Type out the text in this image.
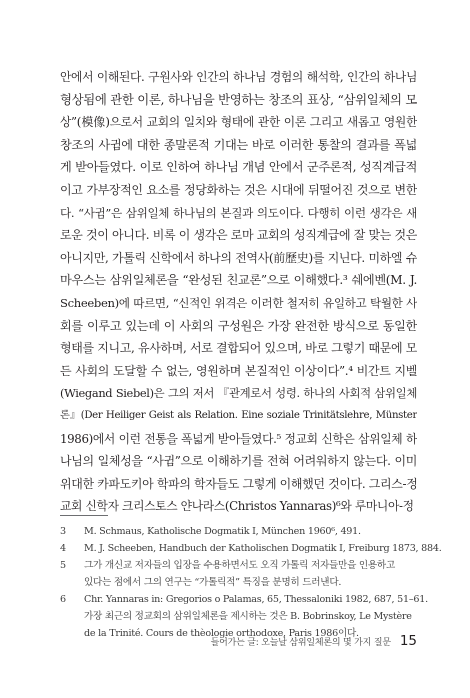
안에서 이해된다. 구원사와 인간의 하나님 경험의 해석학, 인간의 하나님
형상됨에 관한 이론, 하나님을 반영하는 창조의 표상, “삼위일체의 모
상”(模像)으로서 교회의 일치와 형태에 관한 이론 그리고 새롭고 영원한
창조의 사귐에 대한 종말론적 기대는 바로 이러한 통찰의 결과를 폭넓
게 받아들였다. 이로 인하여 하나님 개념 안에서 군주론적, 성직계급적
이고 가부장적인 요소를 정당화하는 것은 시대에 뒤떨어진 것으로 변한
다. “사귐”은 삼위일체 하나님의 본질과 의도이다. 다행히 이런 생각은 새
로운 것이 아니다. 비록 이 생각은 로마 교회의 성직계급에 잘 맞는 것은
아니지만, 가톨릭 신학에서 하나의 전역사(前歷史)를 지닌다. 미하엘 슈
마우스는 삼위일체론을 “완성된 친교론”으로 이해했다.³ 쉐에벤(M. J.
Scheeben)에 따르면, “신적인 위격은 이러한 철저히 유일하고 탁월한 사
회를 이루고 있는데 이 사회의 구성원은 가장 완전한 방식으로 동일한
형태를 지니고, 유사하며, 서로 결합되어 있으며, 바로 그렇기 때문에 모
든 사회의 도달할 수 없는, 영원하며 본질적인 이상이다”.⁴ 비간트 지벨
(Wiegand Siebel)은 그의 저서 『관계로서 성령. 하나의 사회적 삼위일체
론』(Der Heiliger Geist als Relation. Eine soziale Trinitätslehre, Münster
1986)에서 이런 전통을 폭넓게 받아들였다.⁵ 정교회 신학은 삼위일체 하
나님의 일체성을 “사귐”으로 이해하기를 전혀 어려워하지 않는다. 이미
위대한 카파도키아 학파의 학자들도 그렇게 이해했던 것이다. 그리스-정
교회 신학자 크리스토스 얀나라스(Christos Yannaras)⁶와 루마니아-정
3	M. Schmaus, Katholische Dogmatik Ⅰ, München 1960⁶, 491.
4	M. J. Scheeben, Handbuch der Katholischen Dogmatik Ⅰ, Freiburg 1873, 884.
5	그가 개신교 저자들의 입장을 수용하면서도 오직 가톨릭 저자들만을 인용하고
있다는 점에서 그의 연구는 “가톨릭적” 특징을 분명히 드러낸다.
6	Chr. Yannaras in: Gregorios o Palamas, 65, Thessaloniki 1982, 687, 51–61.
가장 최근의 정교회의 삼위일체론을 제시하는 것은 B. Bobrinskoy, Le Mystère
de la Trinité. Cours de thèologie orthodoxe, Paris 1986이다.
들어가는 글: 오늘날 삼위일체론의 몇 가지 질문 15
